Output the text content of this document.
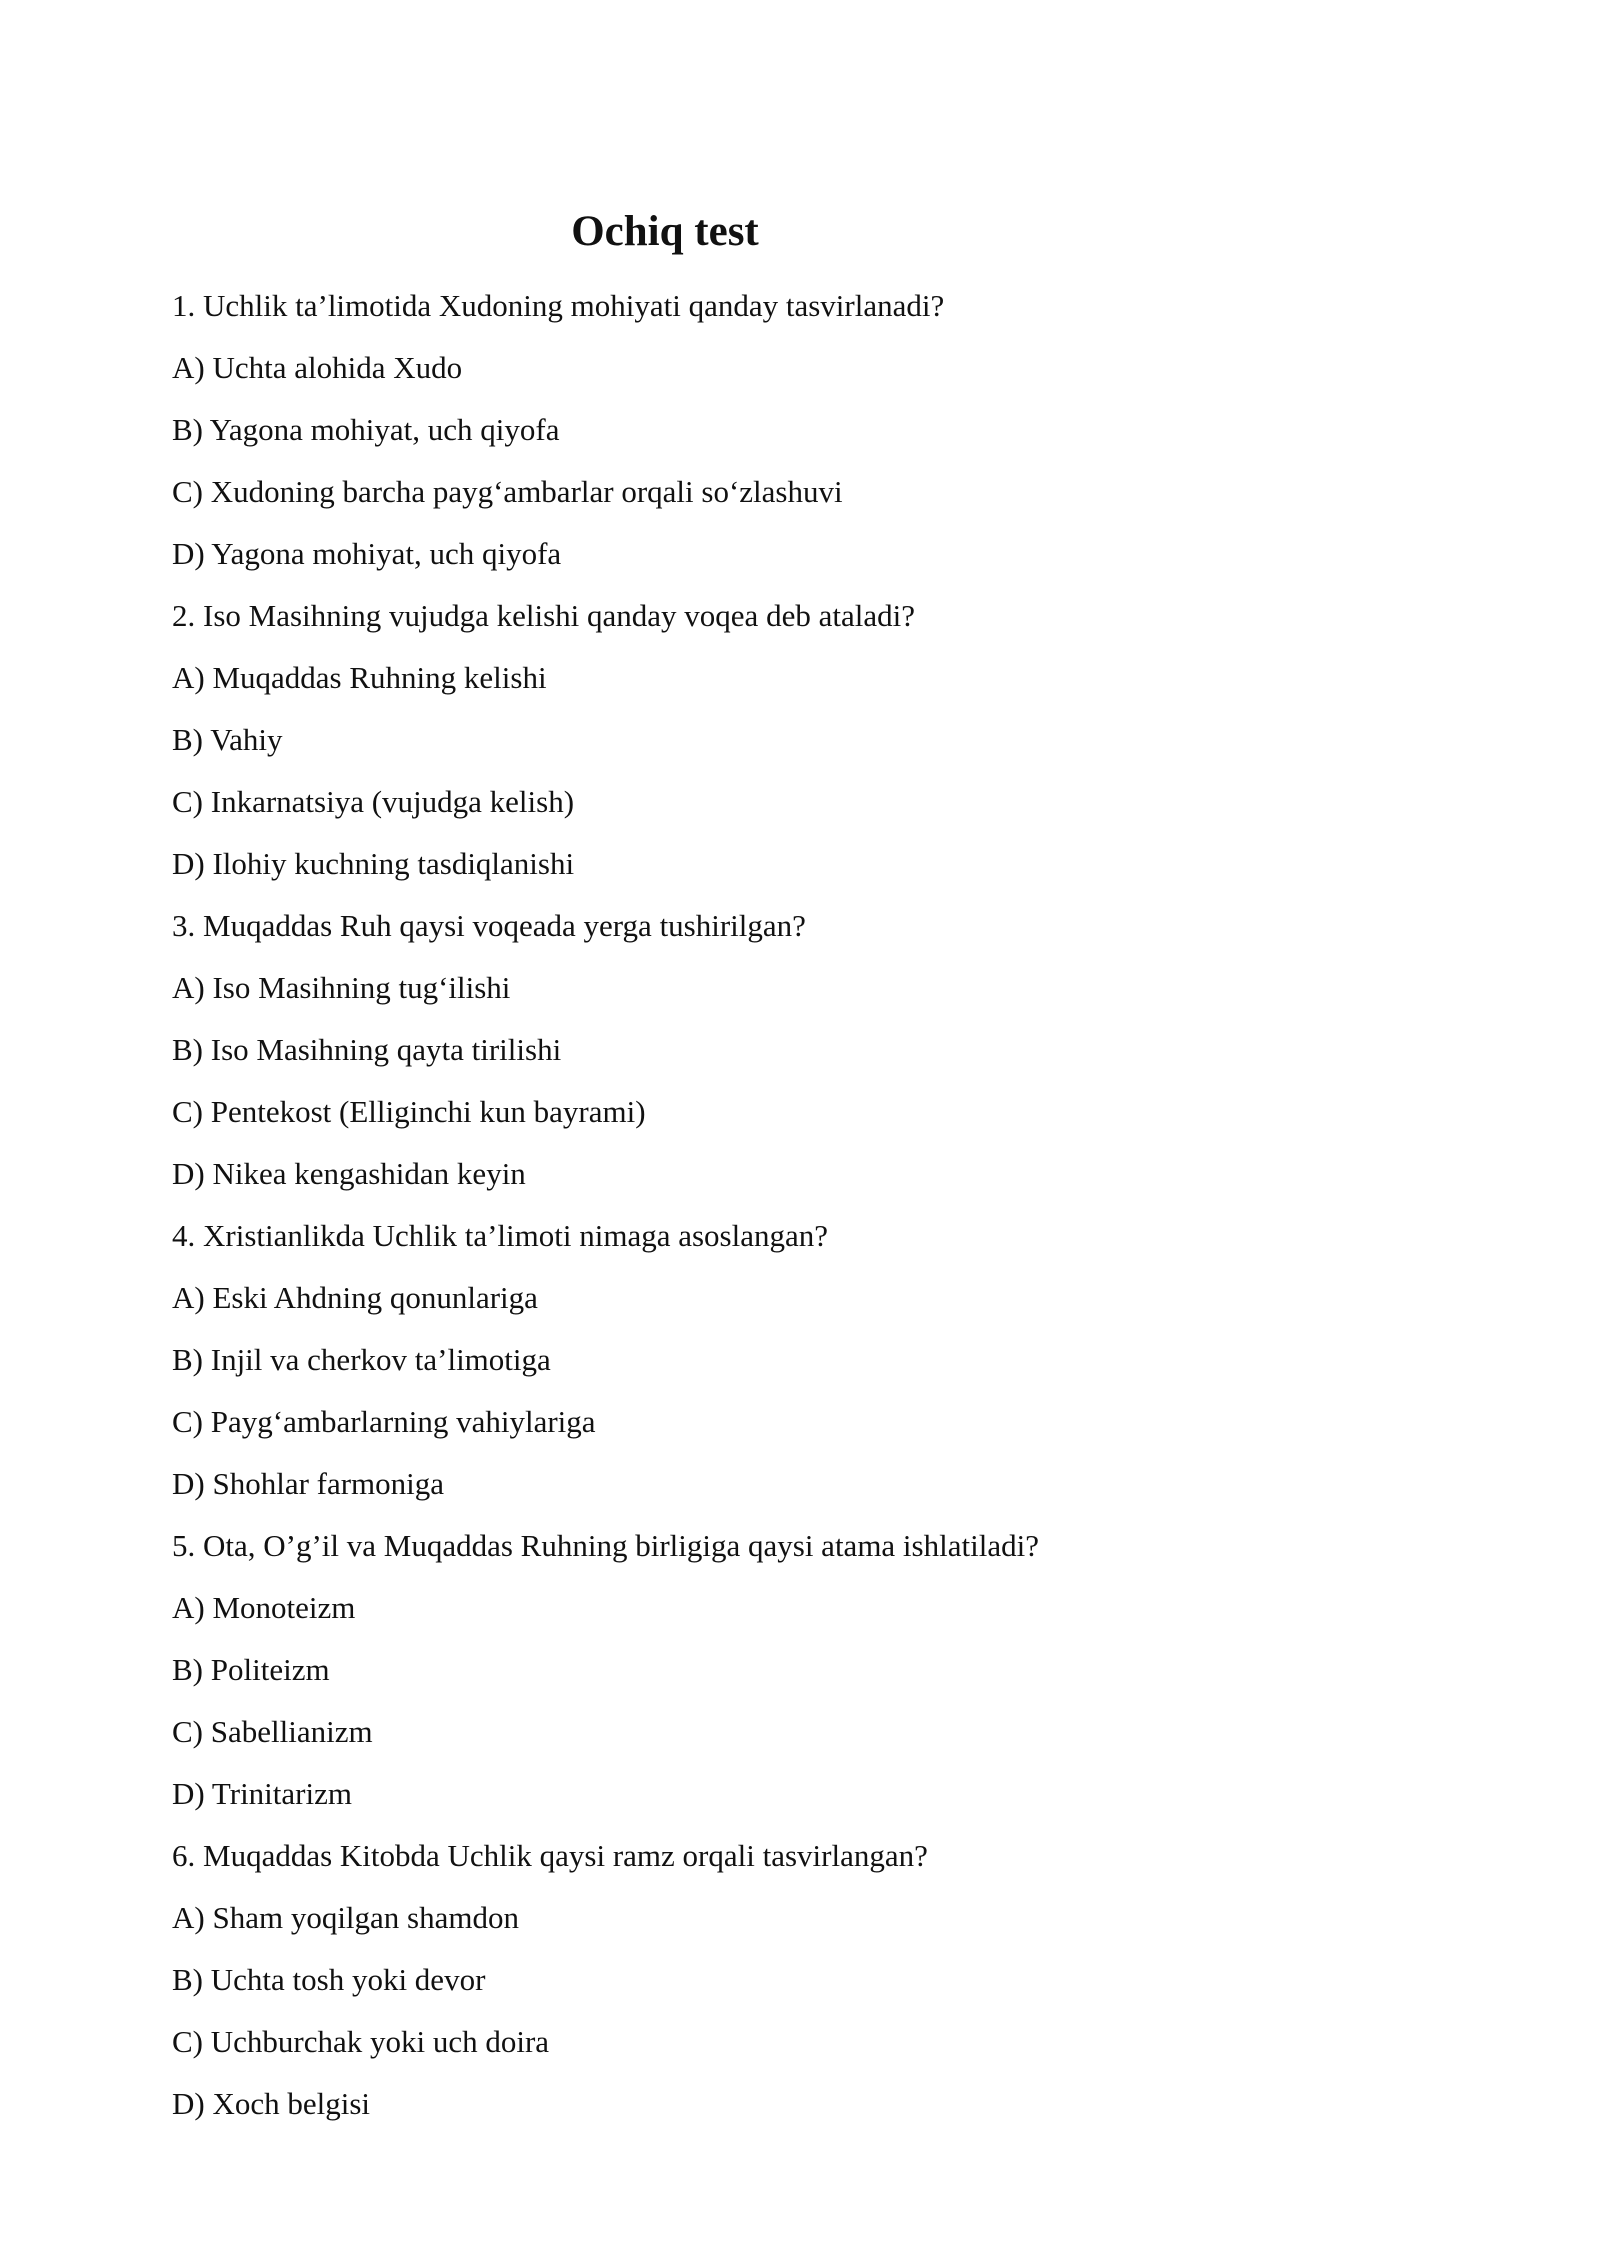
Ochiq test
1. Uchlik ta’limotida Xudoning mohiyati qanday tasvirlanadi?
A) Uchta alohida Xudo
B) Yagona mohiyat, uch qiyofa
C) Xudoning barcha payg‘ambarlar orqali so‘zlashuvi
D) Yagona mohiyat, uch qiyofa
2. Iso Masihning vujudga kelishi qanday voqea deb ataladi?
A) Muqaddas Ruhning kelishi
B) Vahiy
C) Inkarnatsiya (vujudga kelish)
D) Ilohiy kuchning tasdiqlanishi
3. Muqaddas Ruh qaysi voqeada yerga tushirilgan?
A) Iso Masihning tug‘ilishi
B) Iso Masihning qayta tirilishi
C) Pentekost (Elliginchi kun bayrami)
D) Nikea kengashidan keyin
4. Xristianlikda Uchlik ta’limoti nimaga asoslangan?
A) Eski Ahdning qonunlariga
B) Injil va cherkov ta’limotiga
C) Payg‘ambarlarning vahiylariga
D) Shohlar farmoniga
5. Ota, O’g’il va Muqaddas Ruhning birligiga qaysi atama ishlatiladi?
A) Monoteizm
B) Politeizm
C) Sabellianizm
D) Trinitarizm
6. Muqaddas Kitobda Uchlik qaysi ramz orqali tasvirlangan?
A) Sham yoqilgan shamdon
B) Uchta tosh yoki devor
C) Uchburchak yoki uch doira
D) Xoch belgisi
